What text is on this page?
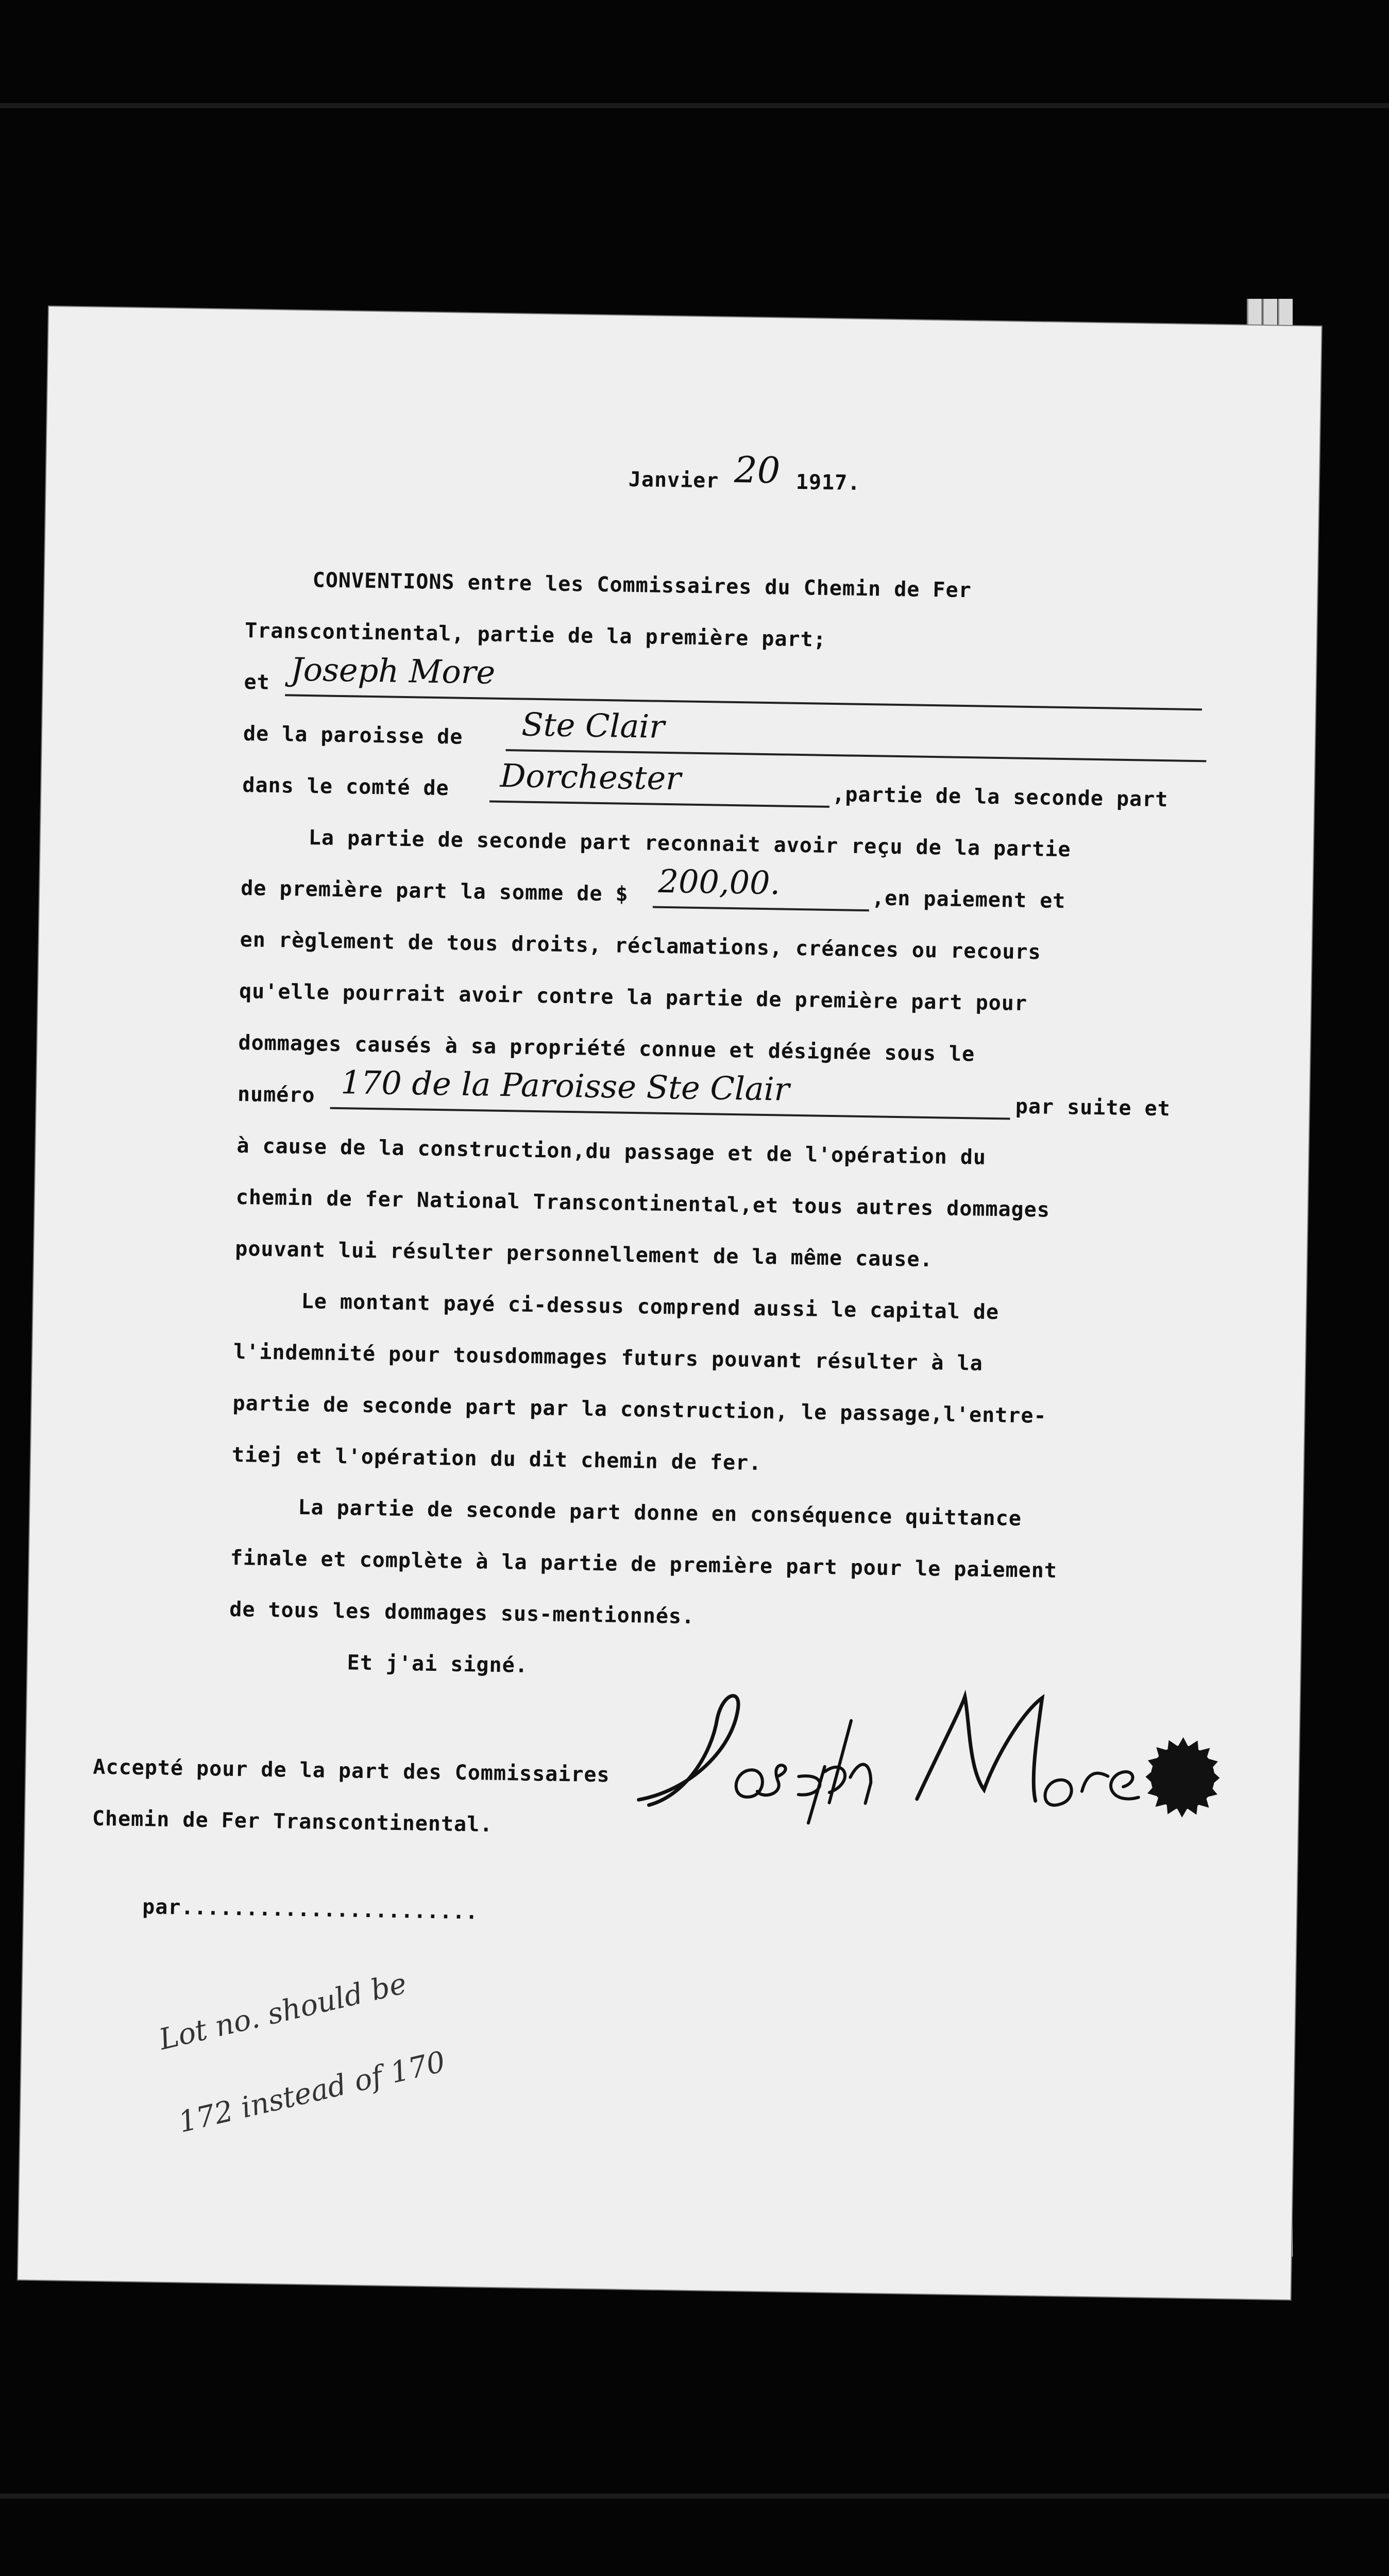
Janvier 20 1917.
CONVENTIONS entre les Commissaires du Chemin de Fer
Transcontinental, partie de la première part;
et Joseph More
de la paroisse de Ste Clair
dans le comté de Dorchester	,partie de la seconde part
La partie de seconde part reconnait avoir reçu de la partie
de première part la somme de $ 200,00.	,en paiement et
en règlement de tous droits, réclamations, créances ou recours
qu'elle pourrait avoir contre la partie de première part pour
dommages causés à sa propriété connue et désignée sous le
numéro 170 de la Paroisse Ste Clair	par suite et
à cause de la construction,du passage et de l'opération du
chemin de fer National Transcontinental,et tous autres dommages
pouvant lui résulter personnellement de la même cause.
Le montant payé ci-dessus comprend aussi le capital de
l'indemnité pour tousdommages futurs pouvant résulter à la
partie de seconde part par la construction, le passage,l'entre-
tiej et l'opération du dit chemin de fer.
La partie de seconde part donne en conséquence quittance
finale et complète à la partie de première part pour le paiement
de tous les dommages sus-mentionnés.
Et j'ai signé.
Accepté pour de la part des Commissaires
Chemin de Fer Transcontinental.
par.......................
Lot no. should be
172 instead of 170
